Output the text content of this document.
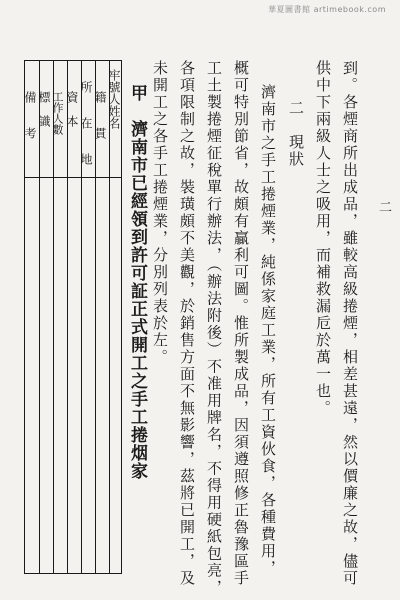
華夏圖書館 artimebook.com
二
到。各煙商所出成品，雖較高級捲煙，相差甚遠，然以價廉之故，儘可
供中下兩級人士之吸用，而補救漏卮於萬一也。
二　現狀
濟南市之手工捲煙業，純係家庭工業，所有工資伙食，各種費用，
概可特別節省，故頗有贏利可圖。惟所製成品，因須遵照修正魯豫區手
工土製捲煙征稅單行辦法，（辦法附後）不准用牌名，不得用硬紙包亮，
各項限制之故，裝璜頗不美觀，於銷售方面不無影響，茲將已開工，及
未開工之各手工捲煙業，分別列表於左。
甲　濟南市已經領到許可証正式開工之手工捲烟家
牢號人姓名
籍　　貫
所　　在　　地
資　本
工作人數
標　識
備　　考
